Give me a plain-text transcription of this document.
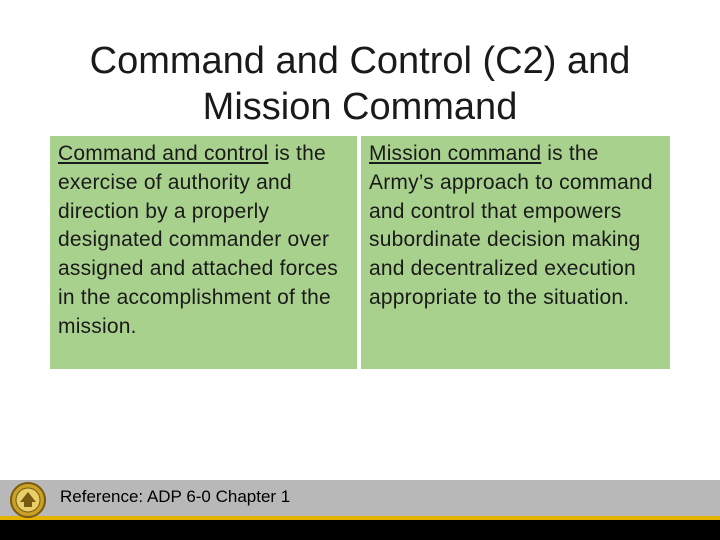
Command and Control (C2) and
Mission Command
Command and control is the exercise of authority and direction by a properly designated commander over assigned and attached forces in the accomplishment of the mission.
Mission command is the Army’s approach to command and control that empowers subordinate decision making and decentralized execution appropriate to the situation.
Reference: ADP 6-0 Chapter 1
